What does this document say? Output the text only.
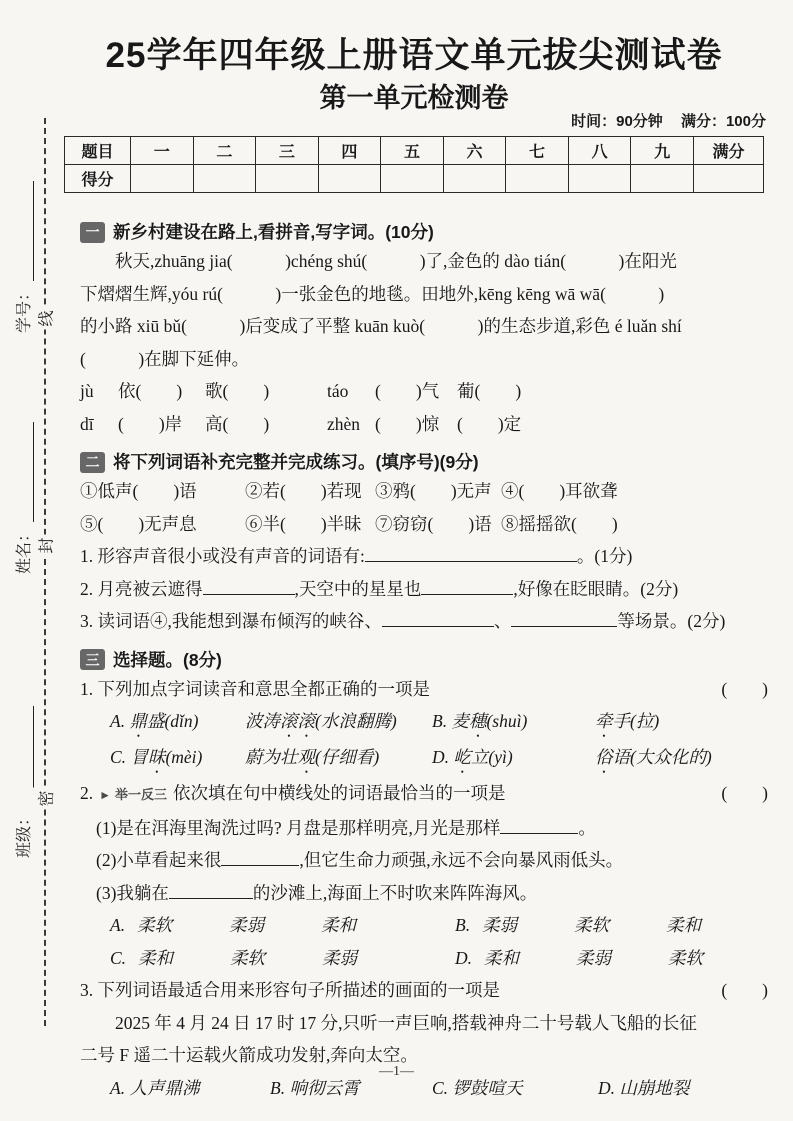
学号：
姓名：
班级：
线
封
密
25学年四年级上册语文单元拔尖测试卷
第一单元检测卷
时间：90分钟 满分：100分
题目	一	二	三	四	五	六	七	八	九	满分
得分										
一 新乡村建设在路上,看拼音,写字词。(10分)
秋天,zhuāng jia(　　　)chéng shú(　　　)了,金色的 dào tián(　　　)在阳光
下熠熠生辉,yóu rú(　　　)一张金色的地毯。田地外,kēng kēng wā wā(　　　)
的小路 xiū bǔ(　　　)后变成了平整 kuān kuò(　　　)的生态步道,彩色 é luǎn shí
(　　　)在脚下延伸。
jù	依(　　)	歌(　　)	táo	(　　)气	葡(　　)
dī	(　　)岸	高(　　)	zhèn (　　)惊	(　　)定
二 将下列词语补充完整并完成练习。(填序号)(9分)
①低声(　　)语	②若(　　)若现 ③鸦(　　)无声 ④(　　)耳欲聋
⑤(　　)无声息	⑥半(　　)半昧 ⑦窃窃(　　)语 ⑧摇摇欲(　　)
1. 形容声音很小或没有声音的词语有:	。(1分)
2. 月亮被云遮得	,天空中的星星也	,好像在眨眼睛。(2分)
3. 读词语④,我能想到瀑布倾泻的峡谷、	、	等场景。(2分)
三 选择题。(8分)
1. 下列加点字词读音和意思全都正确的一项是	(　　)
A. 鼎盛(dǐn)	波涛滚滚(水浪翻腾)	B. 麦穗(shuì)	牵手(拉)
C. 冒昧(mèi)	蔚为壮观(仔细看)	D. 屹立(yì)	俗语(大众化的)
2. ► 举一反三 依次填在句中横线处的词语最恰当的一项是	(　　)
(1)是在洱海里淘洗过吗? 月盘是那样明亮,月光是那样	。
(2)小草看起来很	,但它生命力顽强,永远不会向暴风雨低头。
(3)我躺在	的沙滩上,海面上不时吹来阵阵海风。
A. 柔软	柔弱	柔和	B. 柔弱	柔软	柔和
C. 柔和	柔软	柔弱	D. 柔和	柔弱	柔软
3. 下列词语最适合用来形容句子所描述的画面的一项是	(　　)
2025 年 4 月 24 日 17 时 17 分,只听一声巨响,搭载神舟二十号载人飞船的长征
二号 F 遥二十运载火箭成功发射,奔向太空。
A. 人声鼎沸	B. 响彻云霄	C. 锣鼓喧天	D. 山崩地裂
—1—
